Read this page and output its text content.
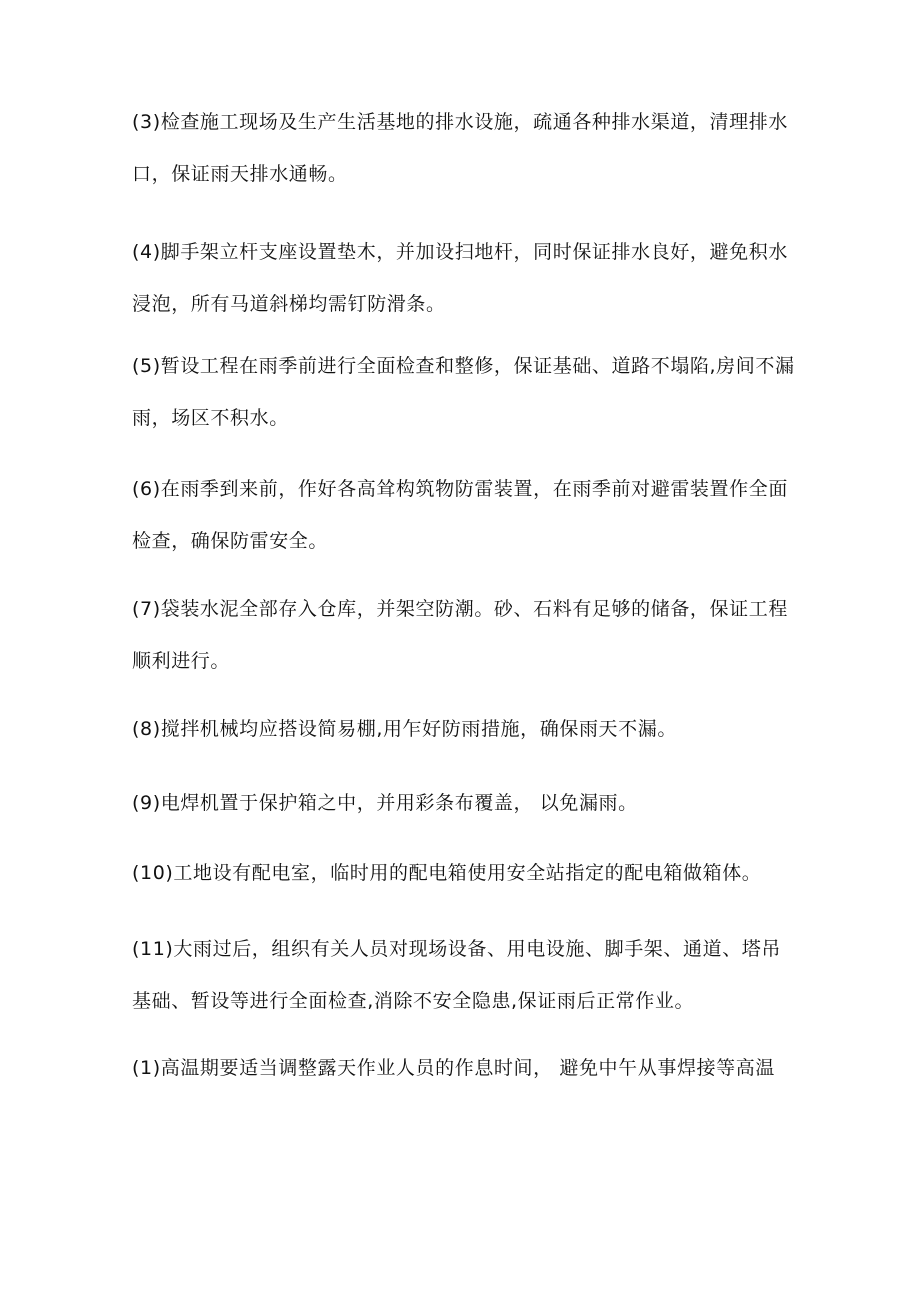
(3)检查施工现场及生产生活基地的排水设施，疏通各种排水渠道，清理排水口，保证雨天排水通畅。

(4)脚手架立杆支座设置垫木，并加设扫地杆，同时保证排水良好，避免积水浸泡，所有马道斜梯均需钉防滑条。

(5)暂设工程在雨季前进行全面检查和整修，保证基础、道路不塌陷,房间不漏雨，场区不积水。

(6)在雨季到来前，作好各高耸构筑物防雷装置，在雨季前对避雷装置作全面检查，确保防雷安全。

(7)袋装水泥全部存入仓库，并架空防潮。砂、石料有足够的储备，保证工程顺利进行。

(8)搅拌机械均应搭设简易棚,用乍好防雨措施，确保雨天不漏。

(9)电焊机置于保护箱之中，并用彩条布覆盖， 以免漏雨。

(10)工地设有配电室，临时用的配电箱使用安全站指定的配电箱做箱体。

(11)大雨过后，组织有关人员对现场设备、用电设施、脚手架、通道、塔吊基础、暂设等进行全面检查,消除不安全隐患,保证雨后正常作业。

(1)高温期要适当调整露天作业人员的作息时间， 避免中午从事焊接等高温
